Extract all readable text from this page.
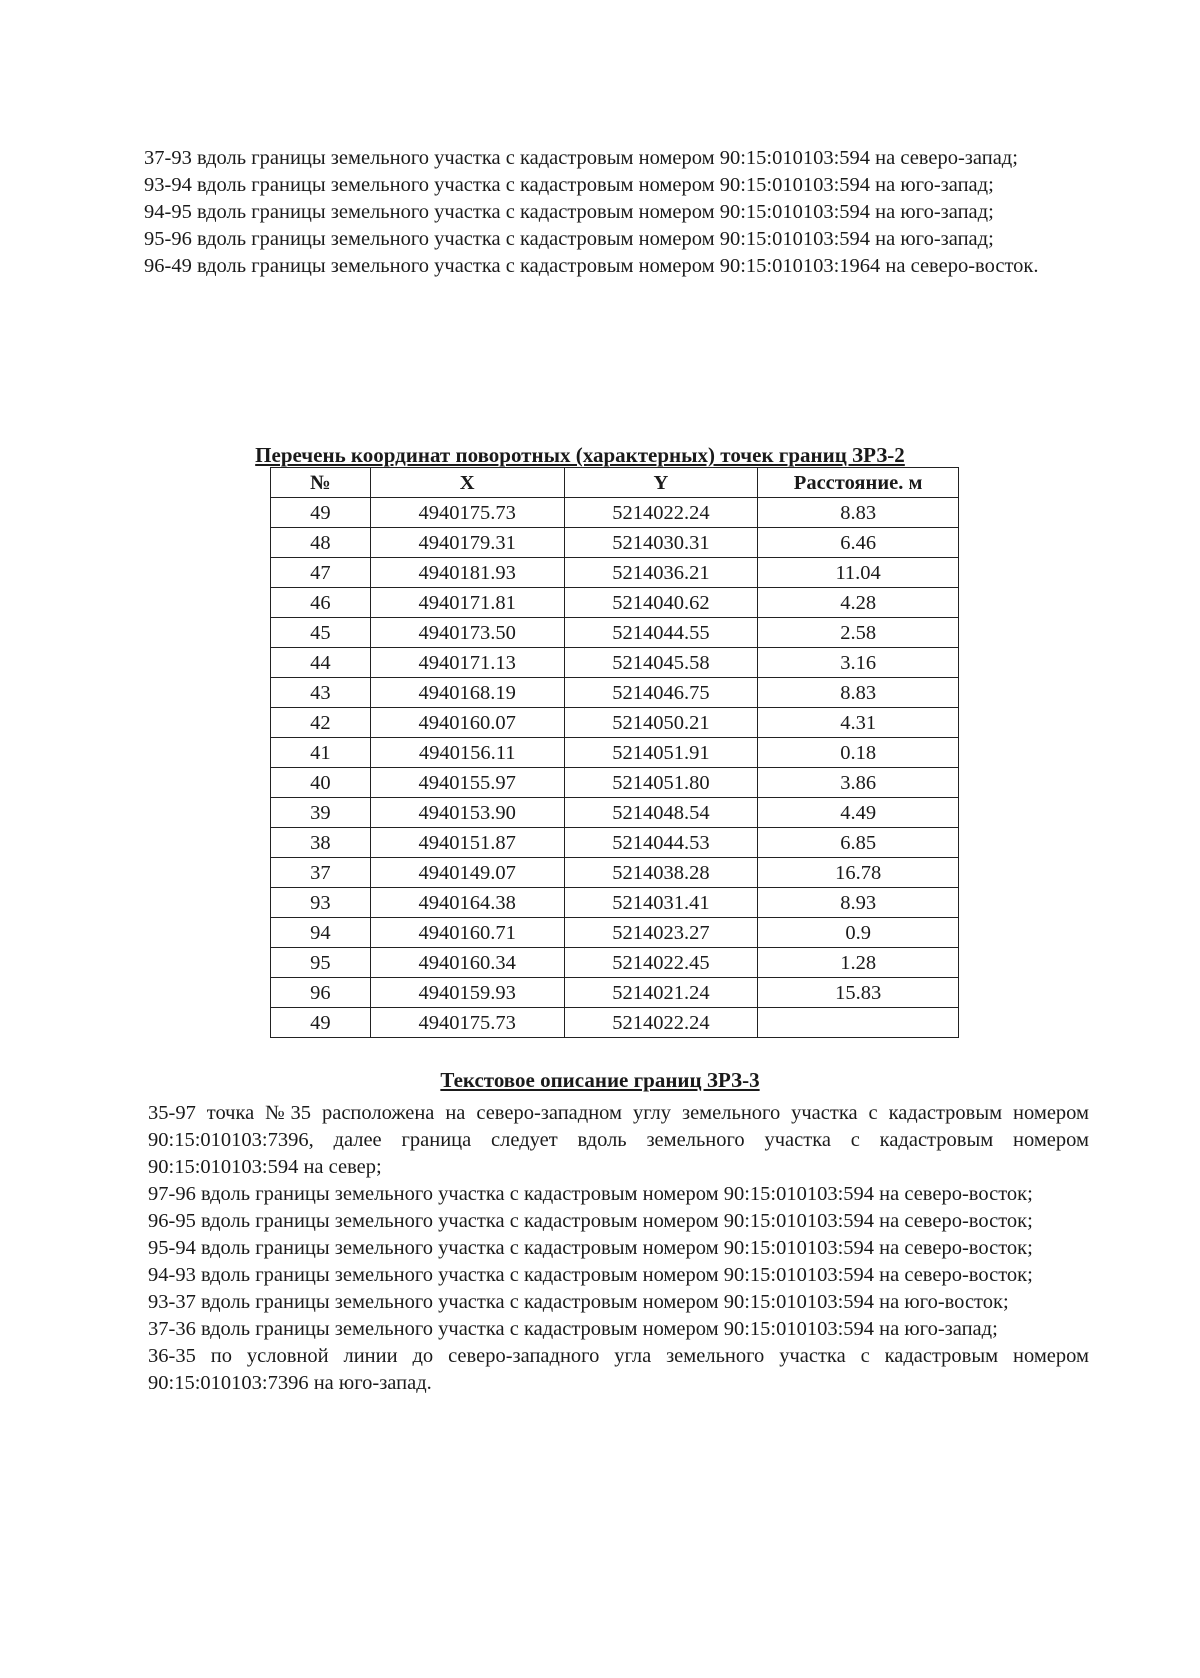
37-93 вдоль границы земельного участка с кадастровым номером 90:15:010103:594 на северо-запад;

93-94 вдоль границы земельного участка с кадастровым номером 90:15:010103:594 на юго-запад;

94-95 вдоль границы земельного участка с кадастровым номером 90:15:010103:594 на юго-запад;

95-96 вдоль границы земельного участка с кадастровым номером 90:15:010103:594 на юго-запад;

96-49 вдоль границы земельного участка с кадастровым номером 90:15:010103:1964 на северо-восток.

Перечень координат поворотных (характерных) точек границ ЗРЗ-2

№	X	Y	Расстояние. м
49	4940175.73	5214022.24	8.83
48	4940179.31	5214030.31	6.46
47	4940181.93	5214036.21	11.04
46	4940171.81	5214040.62	4.28
45	4940173.50	5214044.55	2.58
44	4940171.13	5214045.58	3.16
43	4940168.19	5214046.75	8.83
42	4940160.07	5214050.21	4.31
41	4940156.11	5214051.91	0.18
40	4940155.97	5214051.80	3.86
39	4940153.90	5214048.54	4.49
38	4940151.87	5214044.53	6.85
37	4940149.07	5214038.28	16.78
93	4940164.38	5214031.41	8.93
94	4940160.71	5214023.27	0.9
95	4940160.34	5214022.45	1.28
96	4940159.93	5214021.24	15.83
49	4940175.73	5214022.24	

Текстовое описание границ ЗРЗ-3

35-97 точка №35 расположена на северо-западном углу земельного участка с кадастровым номером 90:15:010103:7396, далее граница следует вдоль земельного участка с кадастровым номером 90:15:010103:594 на север;

97-96 вдоль границы земельного участка с кадастровым номером 90:15:010103:594 на северо-восток;

96-95 вдоль границы земельного участка с кадастровым номером 90:15:010103:594 на северо-восток;

95-94 вдоль границы земельного участка с кадастровым номером 90:15:010103:594 на северо-восток;

94-93 вдоль границы земельного участка с кадастровым номером 90:15:010103:594 на северо-восток;

93-37 вдоль границы земельного участка с кадастровым номером 90:15:010103:594 на юго-восток;

37-36 вдоль границы земельного участка с кадастровым номером 90:15:010103:594 на юго-запад;

36-35 по условной линии до северо-западного угла земельного участка с кадастровым номером 90:15:010103:7396 на юго-запад.
